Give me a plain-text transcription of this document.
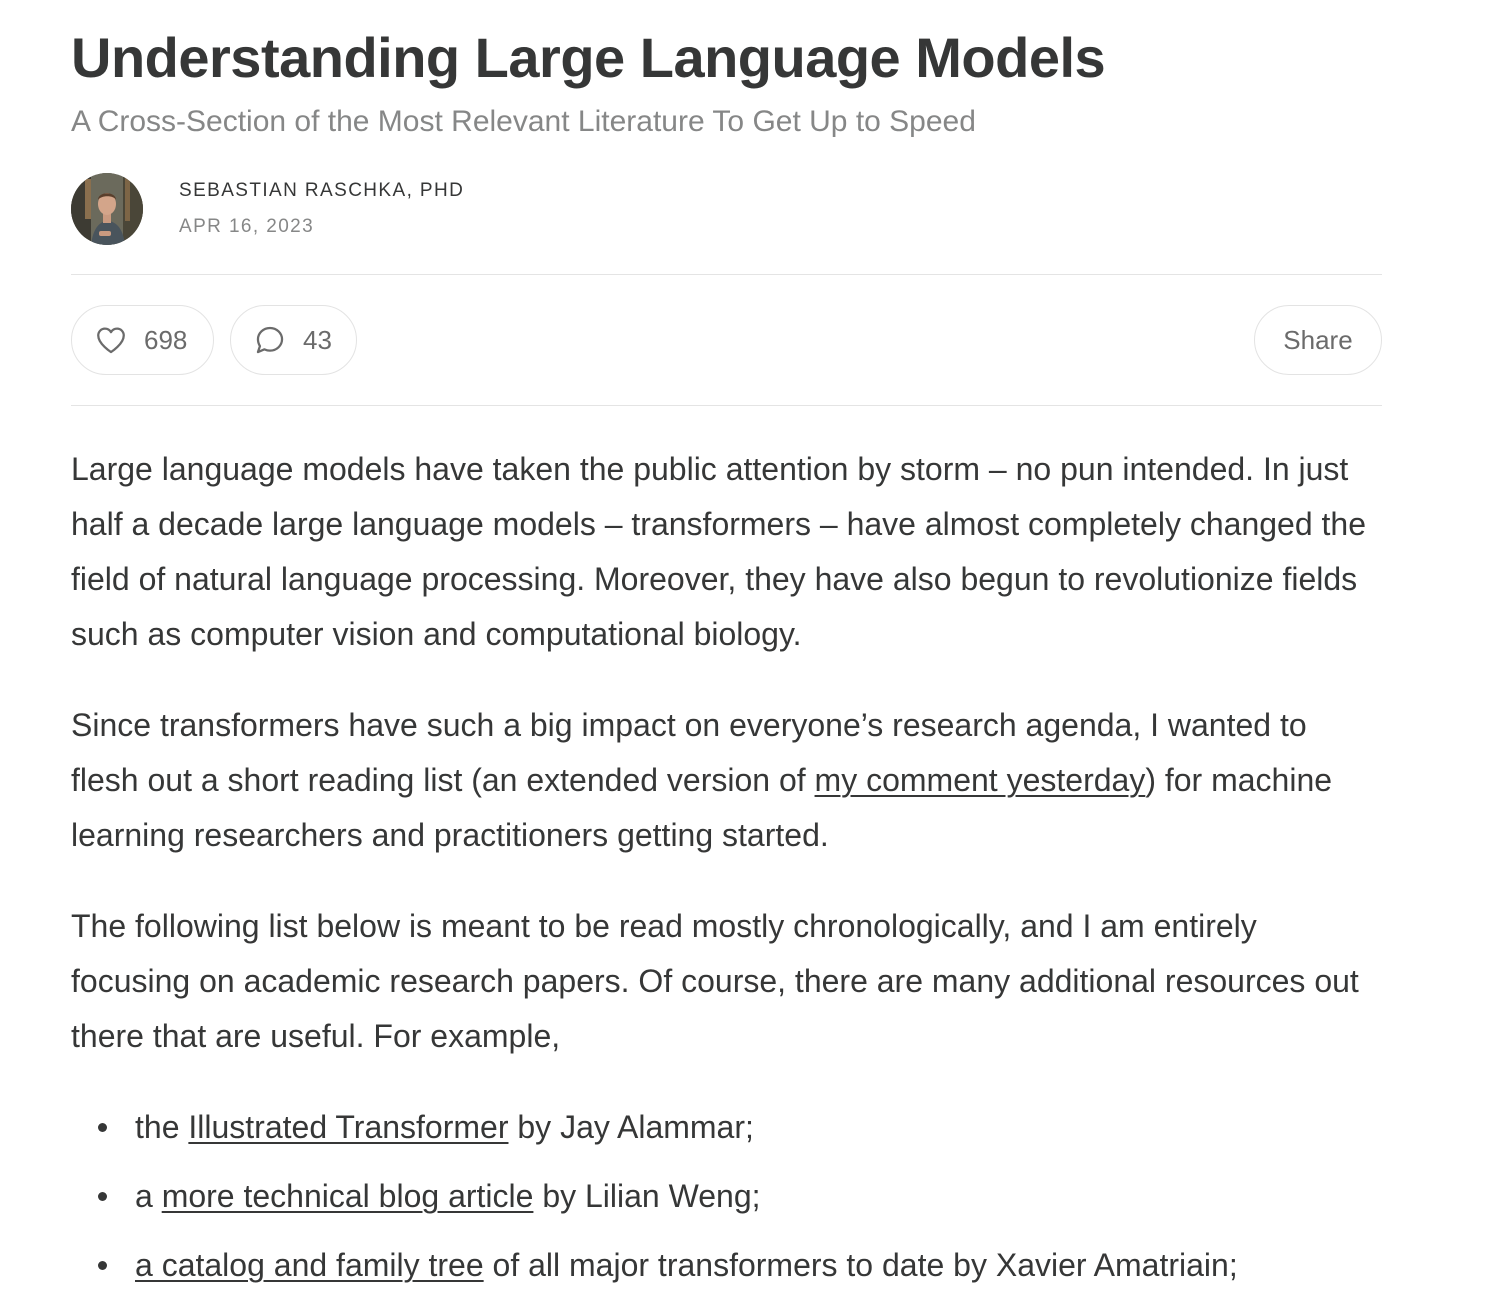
Understanding Large Language Models
A Cross-Section of the Most Relevant Literature To Get Up to Speed
SEBASTIAN RASCHKA, PHD
APR 16, 2023
698	43	Share

Large language models have taken the public attention by storm – no pun intended. In just half a decade large language models – transformers – have almost completely changed the field of natural language processing. Moreover, they have also begun to revolutionize fields such as computer vision and computational biology.

Since transformers have such a big impact on everyone’s research agenda, I wanted to flesh out a short reading list (an extended version of my comment yesterday) for machine learning researchers and practitioners getting started.

The following list below is meant to be read mostly chronologically, and I am entirely focusing on academic research papers. Of course, there are many additional resources out there that are useful. For example,

the Illustrated Transformer by Jay Alammar;
a more technical blog article by Lilian Weng;
a catalog and family tree of all major transformers to date by Xavier Amatriain;
